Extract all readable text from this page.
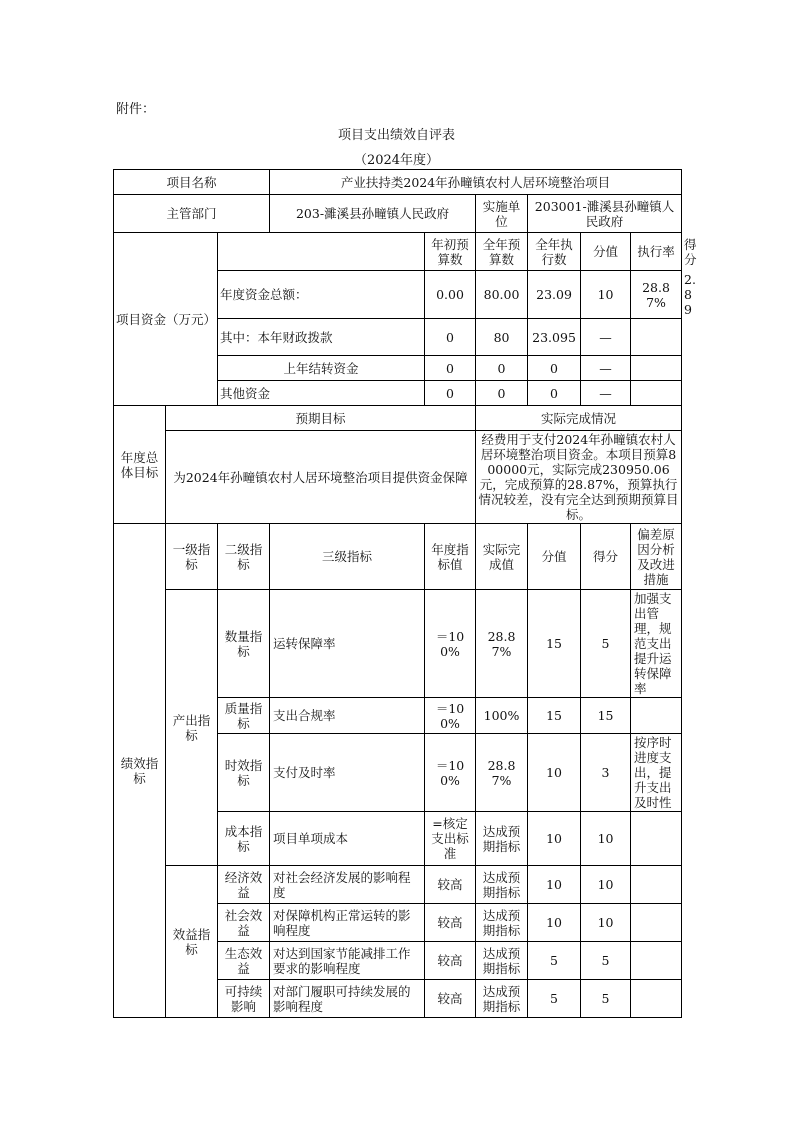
附件：
项目支出绩效自评表
（2024年度）
项目名称			产业扶持类2024年孙疃镇农村人居环境整治项目						
主管部门			203-濉溪县孙疃镇人民政府		实施单位	203001-濉溪县孙疃镇人民政府			
项目资金（万元）				年初预算数	全年预算数	全年执行数	分值	执行率	得分
		年度资金总额：		0.00	80.00	23.09	10	28.87%	2.89
		其中：本年财政拨款		0	80	23.095	—		
		上年结转资金		0	0	0	—		
		其他资金		0	0	0	—		
年度总体目标	预期目标				实际完成情况				
	为2024年孙疃镇农村人居环境整治项目提供资金保障				经费用于支付2024年孙疃镇农村人居环境整治项目资金。本项目预算800000元，实际完成230950.06元，完成预算的28.87%，预算执行情况较差，没有完全达到预期预算目标。				
绩效指标	一级指标	二级指标	三级指标	年度指标值	实际完成值	分值	得分	偏差原因分析及改进措施	
	产出指标	数量指标	运转保障率	＝100%	28.87%	15	5	加强支出管理，规范支出提升运转保障率	
		质量指标	支出合规率	＝100%	100%	15	15		
		时效指标	支付及时率	＝100%	28.87%	10	3	按序时进度支出，提升支出及时性	
		成本指标	项目单项成本	=核定支出标准	达成预期指标	10	10		
	效益指标	经济效益	对社会经济发展的影响程度	较高	达成预期指标	10	10		
		社会效益	对保障机构正常运转的影响程度	较高	达成预期指标	10	10		
		生态效益	对达到国家节能减排工作要求的影响程度	较高	达成预期指标	5	5		
		可持续影响	对部门履职可持续发展的影响程度	较高	达成预期指标	5	5		
